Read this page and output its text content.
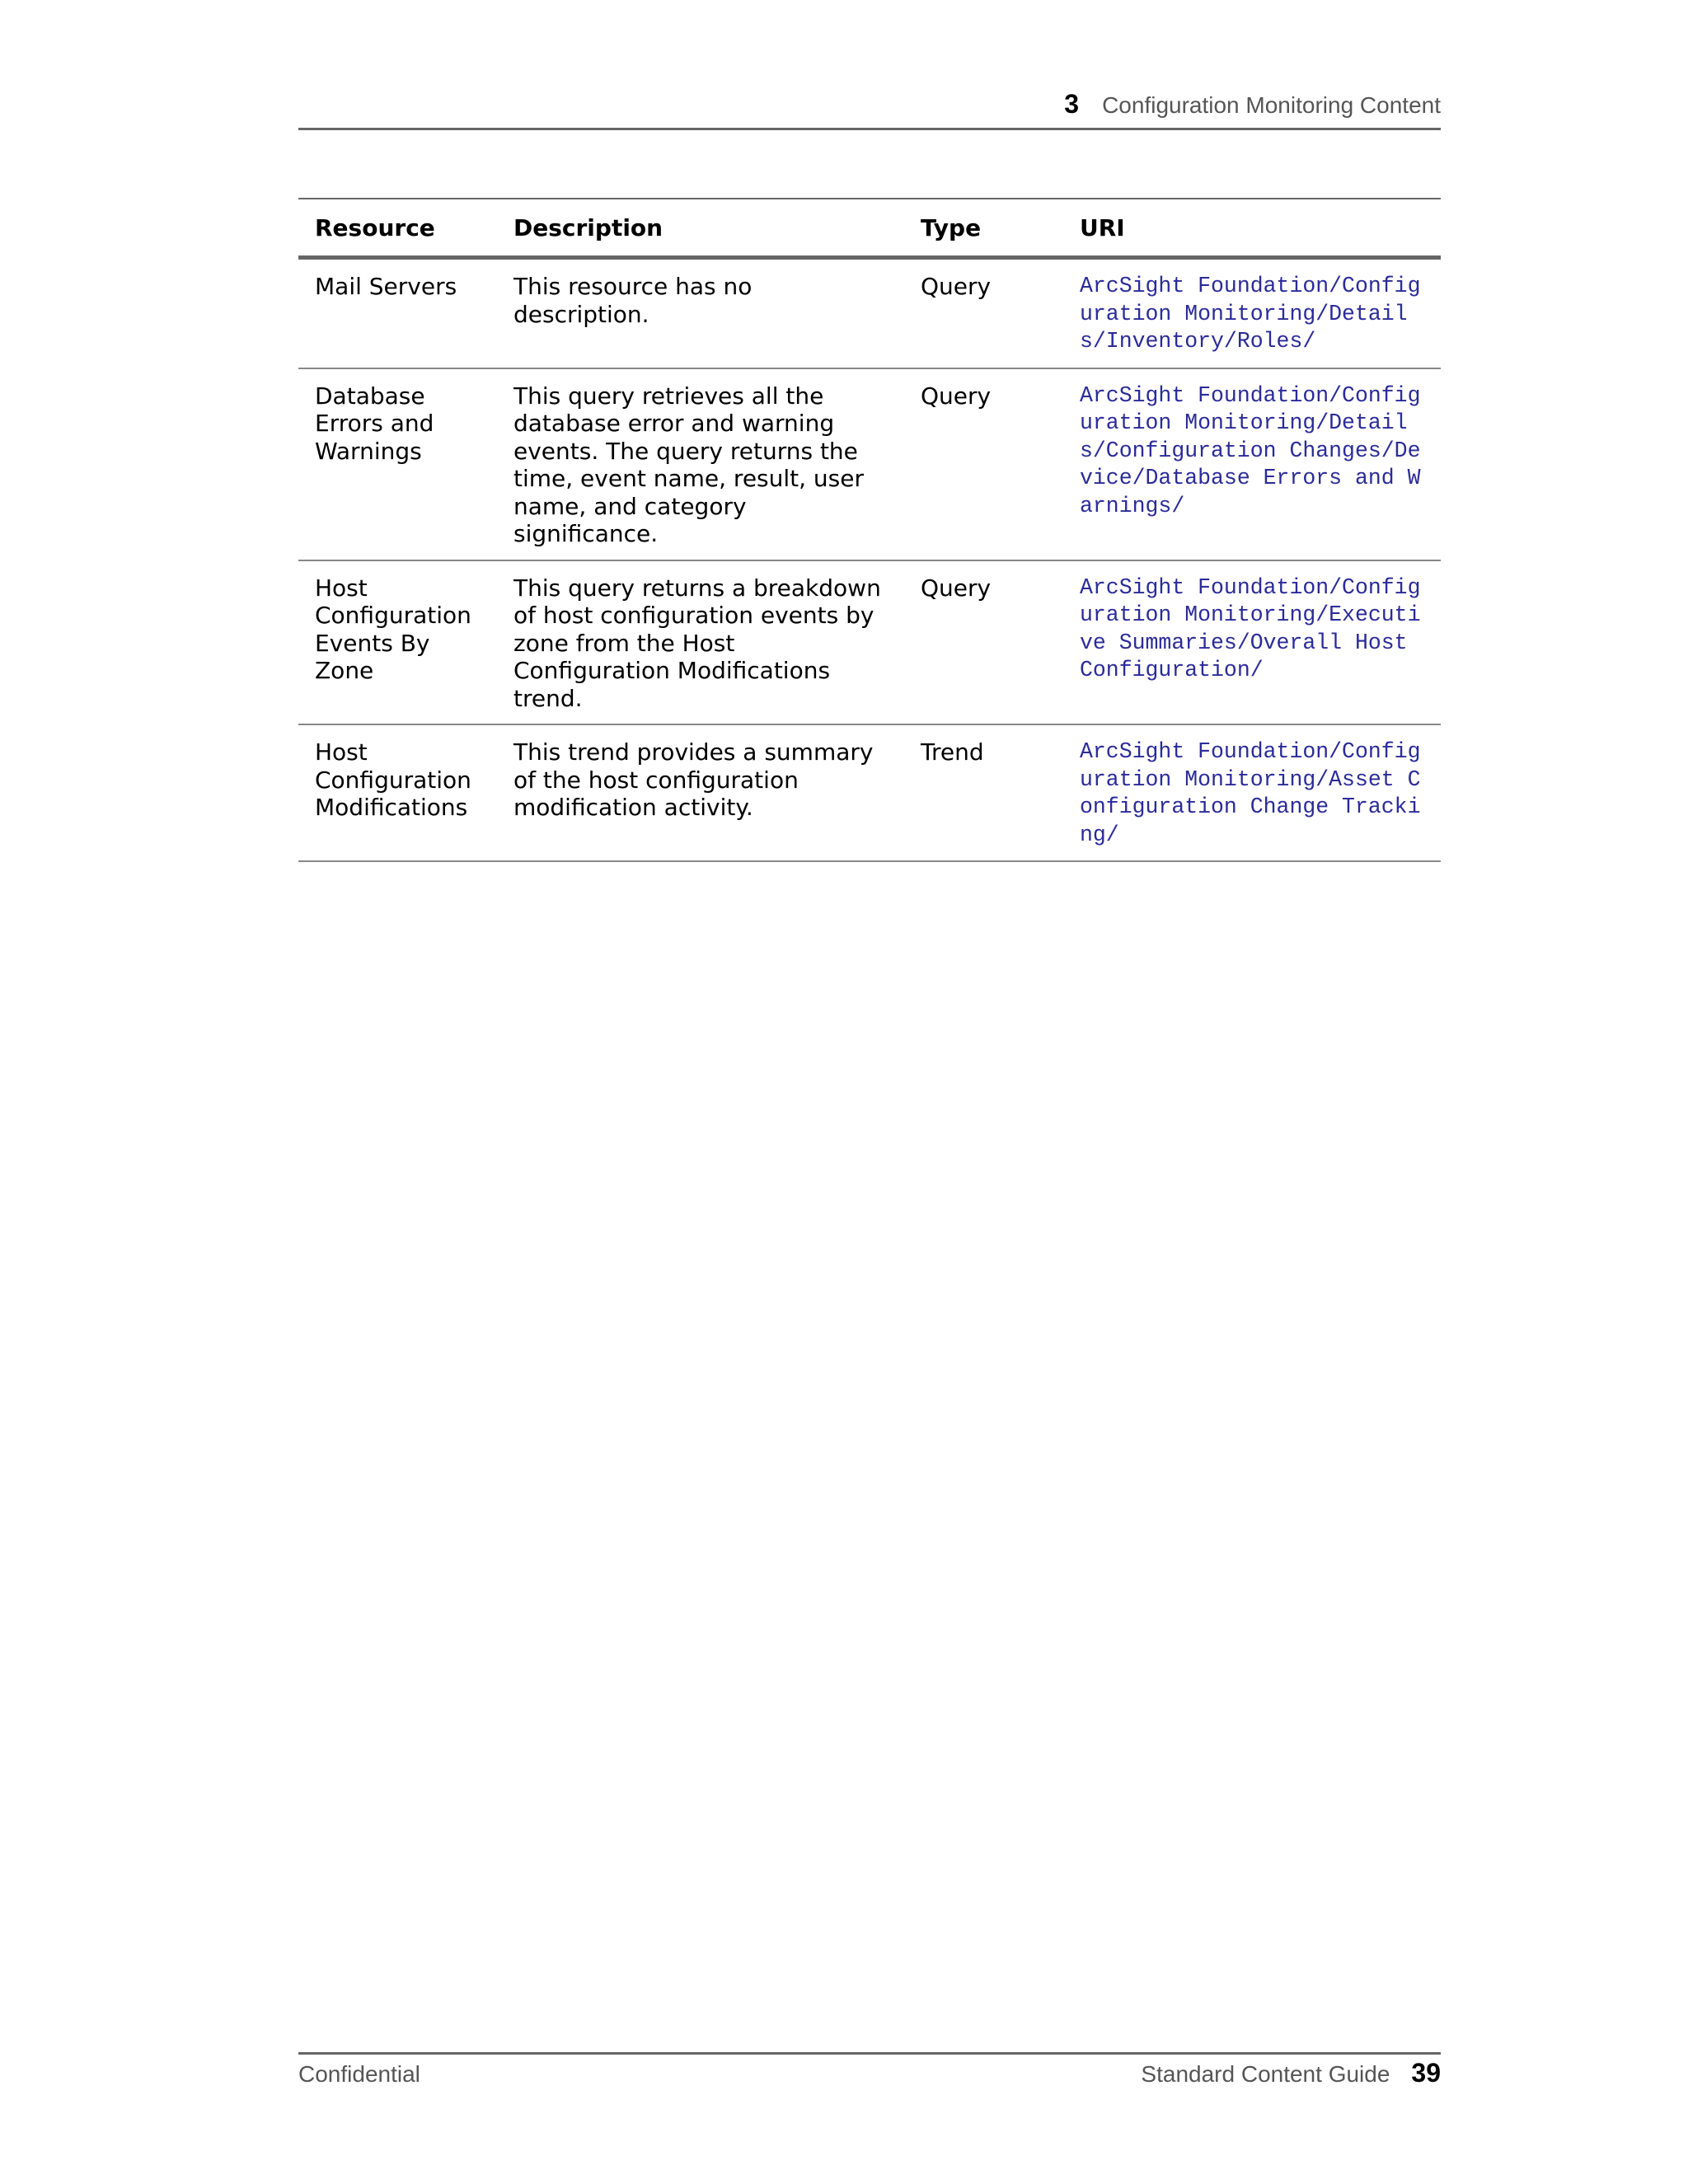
3 Configuration Monitoring Content
Resource	Description	Type	URI
Mail Servers	This resource has no description.	Query	ArcSight Foundation/Configuration Monitoring/Details/Inventory/Roles/
Database Errors and Warnings	This query retrieves all the database error and warning events. The query returns the time, event name, result, user name, and category significance.	Query	ArcSight Foundation/Configuration Monitoring/Details/Configuration Changes/Device/Database Errors and Warnings/
Host Configuration Events By Zone	This query returns a breakdown of host configuration events by zone from the Host Configuration Modifications trend.	Query	ArcSight Foundation/Configuration Monitoring/Executive Summaries/Overall Host Configuration/
Host Configuration Modifications	This trend provides a summary of the host configuration modification activity.	Trend	ArcSight Foundation/Configuration Monitoring/Asset Configuration Change Tracking/
Confidential	Standard Content Guide 39
